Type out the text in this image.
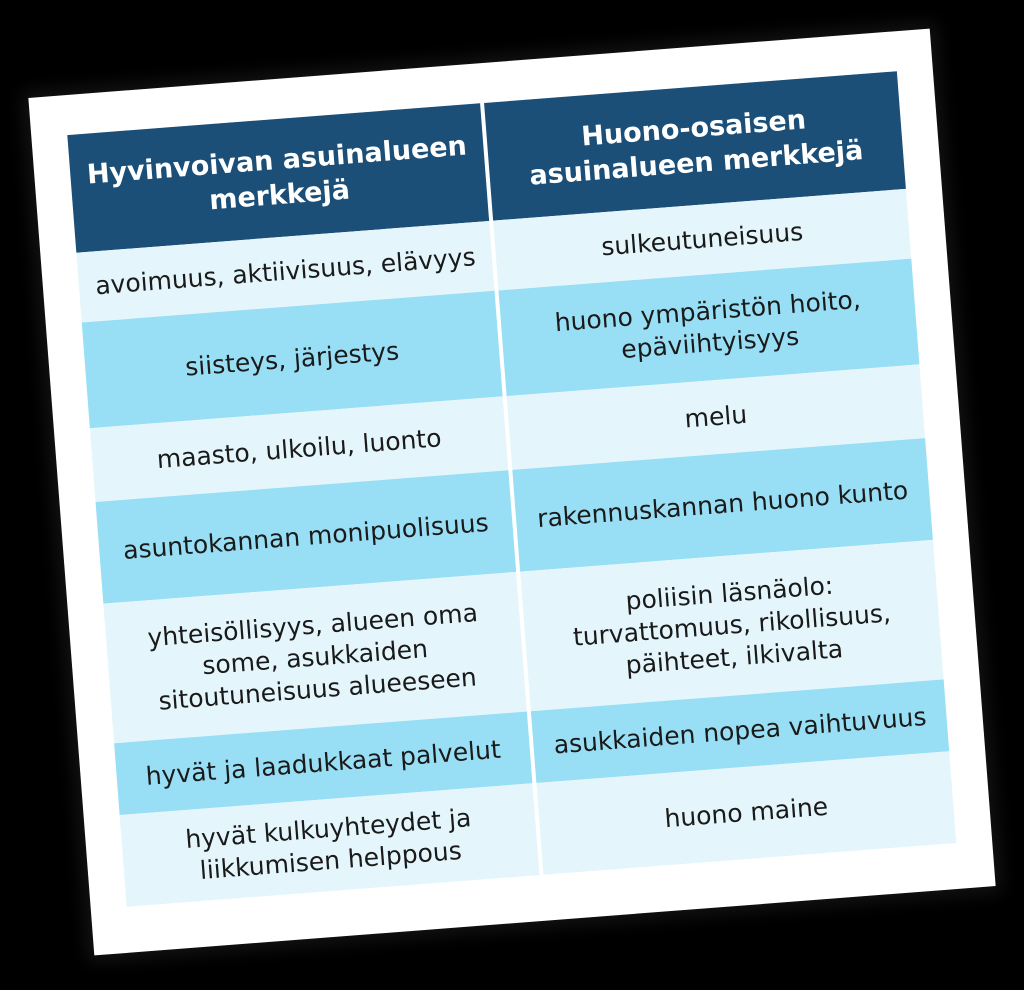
Hyvinvoivan asuinalueen merkkejä
avoimuus, aktiivisuus, elävyys
siisteys, järjestys
maasto, ulkoilu, luonto
asuntokannan monipuolisuus
yhteisöllisyys, alueen oma some, asukkaiden sitoutuneisuus alueeseen
hyvät ja laadukkaat palvelut
hyvät kulkuyhteydet ja liikkumisen helppous
Huono-osaisen asuinalueen merkkejä
sulkeutuneisuus
huono ympäristön hoito, epäviihtyisyys
melu
rakennuskannan huono kunto
poliisin läsnäolo: turvattomuus, rikollisuus, päihteet, ilkivalta
asukkaiden nopea vaihtuvuus
huono maine
